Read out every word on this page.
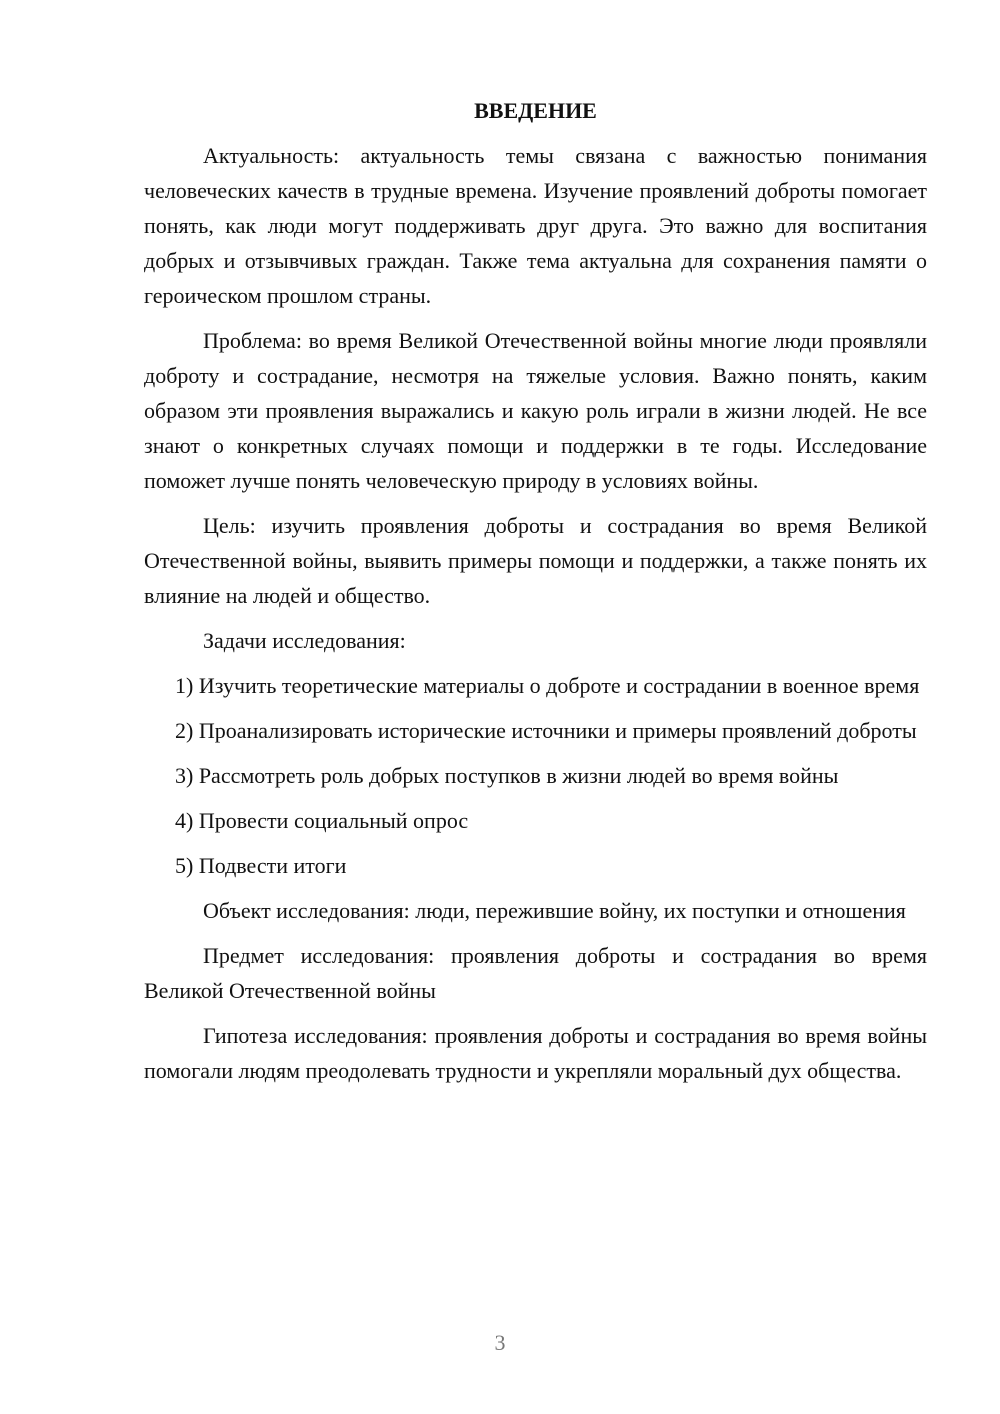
ВВЕДЕНИЕ

Актуальность: актуальность темы связана с важностью понимания человеческих качеств в трудные времена. Изучение проявлений доброты помогает понять, как люди могут поддерживать друг друга. Это важно для воспитания добрых и отзывчивых граждан. Также тема актуальна для сохранения памяти о героическом прошлом страны.

Проблема: во время Великой Отечественной войны многие люди проявляли доброту и сострадание, несмотря на тяжелые условия. Важно понять, каким образом эти проявления выражались и какую роль играли в жизни людей. Не все знают о конкретных случаях помощи и поддержки в те годы. Исследование поможет лучше понять человеческую природу в условиях войны.

Цель: изучить проявления доброты и сострадания во время Великой Отечественной войны, выявить примеры помощи и поддержки, а также понять их влияние на людей и общество.

Задачи исследования:

1) Изучить теоретические материалы о доброте и сострадании в военное время

2) Проанализировать исторические источники и примеры проявлений доброты

3) Рассмотреть роль добрых поступков в жизни людей во время войны

4) Провести социальный опрос

5) Подвести итоги

Объект исследования: люди, пережившие войну, их поступки и отношения

Предмет исследования: проявления доброты и сострадания во время Великой Отечественной войны

Гипотеза исследования: проявления доброты и сострадания во время войны помогали людям преодолевать трудности и укрепляли моральный дух общества.

3
